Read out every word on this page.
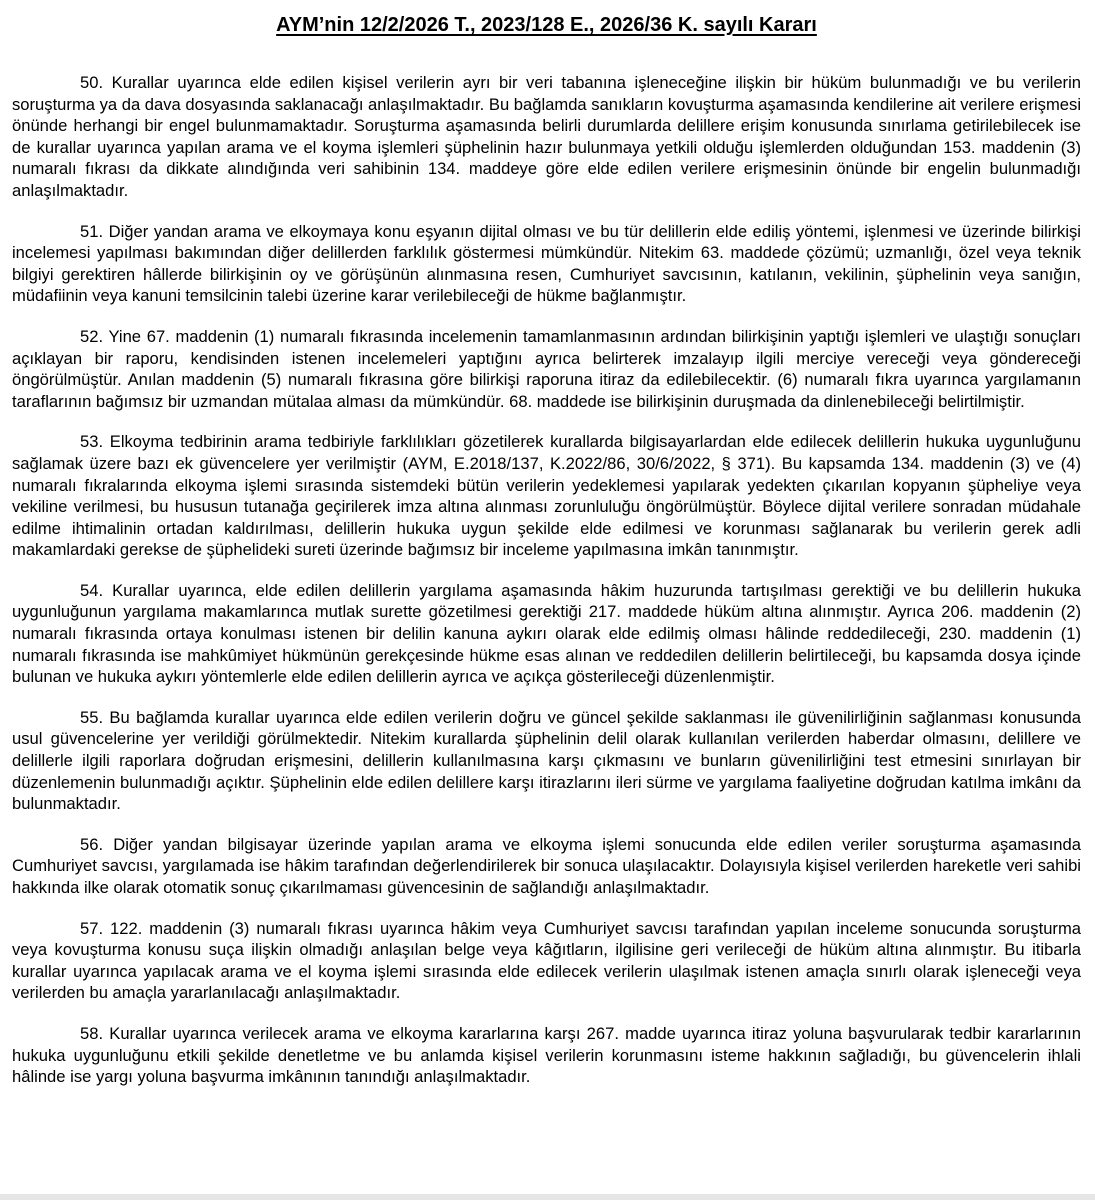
AYM’nin 12/2/2026 T., 2023/128 E., 2026/36 K. sayılı Kararı
50. Kurallar uyarınca elde edilen kişisel verilerin ayrı bir veri tabanına işleneceğine ilişkin bir hüküm bulunmadığı ve bu verilerin soruşturma ya da dava dosyasında saklanacağı anlaşılmaktadır. Bu bağlamda sanıkların kovuşturma aşamasında kendilerine ait verilere erişmesi önünde herhangi bir engel bulunmamaktadır. Soruşturma aşamasında belirli durumlarda delillere erişim konusunda sınırlama getirilebilecek ise de kurallar uyarınca yapılan arama ve el koyma işlemleri şüphelinin hazır bulunmaya yetkili olduğu işlemlerden olduğundan 153. maddenin (3) numaralı fıkrası da dikkate alındığında veri sahibinin 134. maddeye göre elde edilen verilere erişmesinin önünde bir engelin bulunmadığı anlaşılmaktadır.
51. Diğer yandan arama ve elkoymaya konu eşyanın dijital olması ve bu tür delillerin elde ediliş yöntemi, işlenmesi ve üzerinde bilirkişi incelemesi yapılması bakımından diğer delillerden farklılık göstermesi mümkündür. Nitekim 63. maddede çözümü; uzmanlığı, özel veya teknik bilgiyi gerektiren hâllerde bilirkişinin oy ve görüşünün alınmasına resen, Cumhuriyet savcısının, katılanın, vekilinin, şüphelinin veya sanığın, müdafiinin veya kanuni temsilcinin talebi üzerine karar verilebileceği de hükme bağlanmıştır.
52. Yine 67. maddenin (1) numaralı fıkrasında incelemenin tamamlanmasının ardından bilirkişinin yaptığı işlemleri ve ulaştığı sonuçları açıklayan bir raporu, kendisinden istenen incelemeleri yaptığını ayrıca belirterek imzalayıp ilgili merciye vereceği veya göndereceği öngörülmüştür. Anılan maddenin (5) numaralı fıkrasına göre bilirkişi raporuna itiraz da edilebilecektir. (6) numaralı fıkra uyarınca yargılamanın taraflarının bağımsız bir uzmandan mütalaa alması da mümkündür. 68. maddede ise bilirkişinin duruşmada da dinlenebileceği belirtilmiştir.
53. Elkoyma tedbirinin arama tedbiriyle farklılıkları gözetilerek kurallarda bilgisayarlardan elde edilecek delillerin hukuka uygunluğunu sağlamak üzere bazı ek güvencelere yer verilmiştir (AYM, E.2018/137, K.2022/86, 30/6/2022, § 371). Bu kapsamda 134. maddenin (3) ve (4) numaralı fıkralarında elkoyma işlemi sırasında sistemdeki bütün verilerin yedeklemesi yapılarak yedekten çıkarılan kopyanın şüpheliye veya vekiline verilmesi, bu hususun tutanağa geçirilerek imza altına alınması zorunluluğu öngörülmüştür. Böylece dijital verilere sonradan müdahale edilme ihtimalinin ortadan kaldırılması, delillerin hukuka uygun şekilde elde edilmesi ve korunması sağlanarak bu verilerin gerek adli makamlardaki gerekse de şüphelideki sureti üzerinde bağımsız bir inceleme yapılmasına imkân tanınmıştır.
54. Kurallar uyarınca, elde edilen delillerin yargılama aşamasında hâkim huzurunda tartışılması gerektiği ve bu delillerin hukuka uygunluğunun yargılama makamlarınca mutlak surette gözetilmesi gerektiği 217. maddede hüküm altına alınmıştır. Ayrıca 206. maddenin (2) numaralı fıkrasında ortaya konulması istenen bir delilin kanuna aykırı olarak elde edilmiş olması hâlinde reddedileceği, 230. maddenin (1) numaralı fıkrasında ise mahkûmiyet hükmünün gerekçesinde hükme esas alınan ve reddedilen delillerin belirtileceği, bu kapsamda dosya içinde bulunan ve hukuka aykırı yöntemlerle elde edilen delillerin ayrıca ve açıkça gösterileceği düzenlenmiştir.
55. Bu bağlamda kurallar uyarınca elde edilen verilerin doğru ve güncel şekilde saklanması ile güvenilirliğinin sağlanması konusunda usul güvencelerine yer verildiği görülmektedir. Nitekim kurallarda şüphelinin delil olarak kullanılan verilerden haberdar olmasını, delillere ve delillerle ilgili raporlara doğrudan erişmesini, delillerin kullanılmasına karşı çıkmasını ve bunların güvenilirliğini test etmesini sınırlayan bir düzenlemenin bulunmadığı açıktır. Şüphelinin elde edilen delillere karşı itirazlarını ileri sürme ve yargılama faaliyetine doğrudan katılma imkânı da bulunmaktadır.
56. Diğer yandan bilgisayar üzerinde yapılan arama ve elkoyma işlemi sonucunda elde edilen veriler soruşturma aşamasında Cumhuriyet savcısı, yargılamada ise hâkim tarafından değerlendirilerek bir sonuca ulaşılacaktır. Dolayısıyla kişisel verilerden hareketle veri sahibi hakkında ilke olarak otomatik sonuç çıkarılmaması güvencesinin de sağlandığı anlaşılmaktadır.
57. 122. maddenin (3) numaralı fıkrası uyarınca hâkim veya Cumhuriyet savcısı tarafından yapılan inceleme sonucunda soruşturma veya kovuşturma konusu suça ilişkin olmadığı anlaşılan belge veya kâğıtların, ilgilisine geri verileceği de hüküm altına alınmıştır. Bu itibarla kurallar uyarınca yapılacak arama ve el koyma işlemi sırasında elde edilecek verilerin ulaşılmak istenen amaçla sınırlı olarak işleneceği veya verilerden bu amaçla yararlanılacağı anlaşılmaktadır.
58. Kurallar uyarınca verilecek arama ve elkoyma kararlarına karşı 267. madde uyarınca itiraz yoluna başvurularak tedbir kararlarının hukuka uygunluğunu etkili şekilde denetletme ve bu anlamda kişisel verilerin korunmasını isteme hakkının sağladığı, bu güvencelerin ihlali hâlinde ise yargı yoluna başvurma imkânının tanındığı anlaşılmaktadır.
